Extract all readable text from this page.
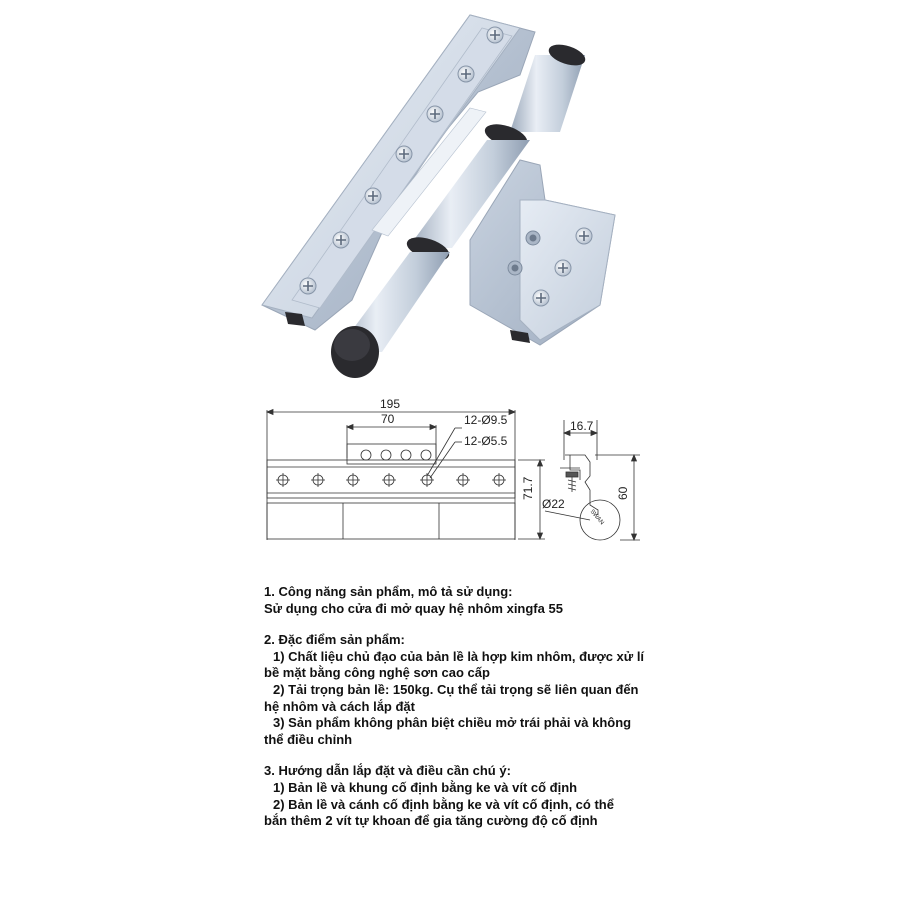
SWAN
195
70	12-Ø9.5
12-Ø5.5
71.7
16.7
60
Ø22
1. Công năng sản phẩm, mô tả sử dụng:
Sử dụng cho cửa đi mở quay hệ nhôm xingfa 55
2. Đặc điểm sản phẩm:
1) Chất liệu chủ đạo của bản lề là hợp kim nhôm, được xử lí
bề mặt bằng công nghệ sơn cao cấp
2) Tải trọng bản lề: 150kg. Cụ thể tải trọng sẽ liên quan đến
hệ nhôm và cách lắp đặt
3) Sản phẩm không phân biệt chiều mở trái phải và không
thể điều chỉnh
3. Hướng dẫn lắp đặt và điều cần chú ý:
1) Bản lề và khung cố định bằng ke và vít cố định
2) Bản lề và cánh cố định bằng ke và vít cố định, có thể
bắn thêm 2 vít tự khoan để gia tăng cường độ cố định
